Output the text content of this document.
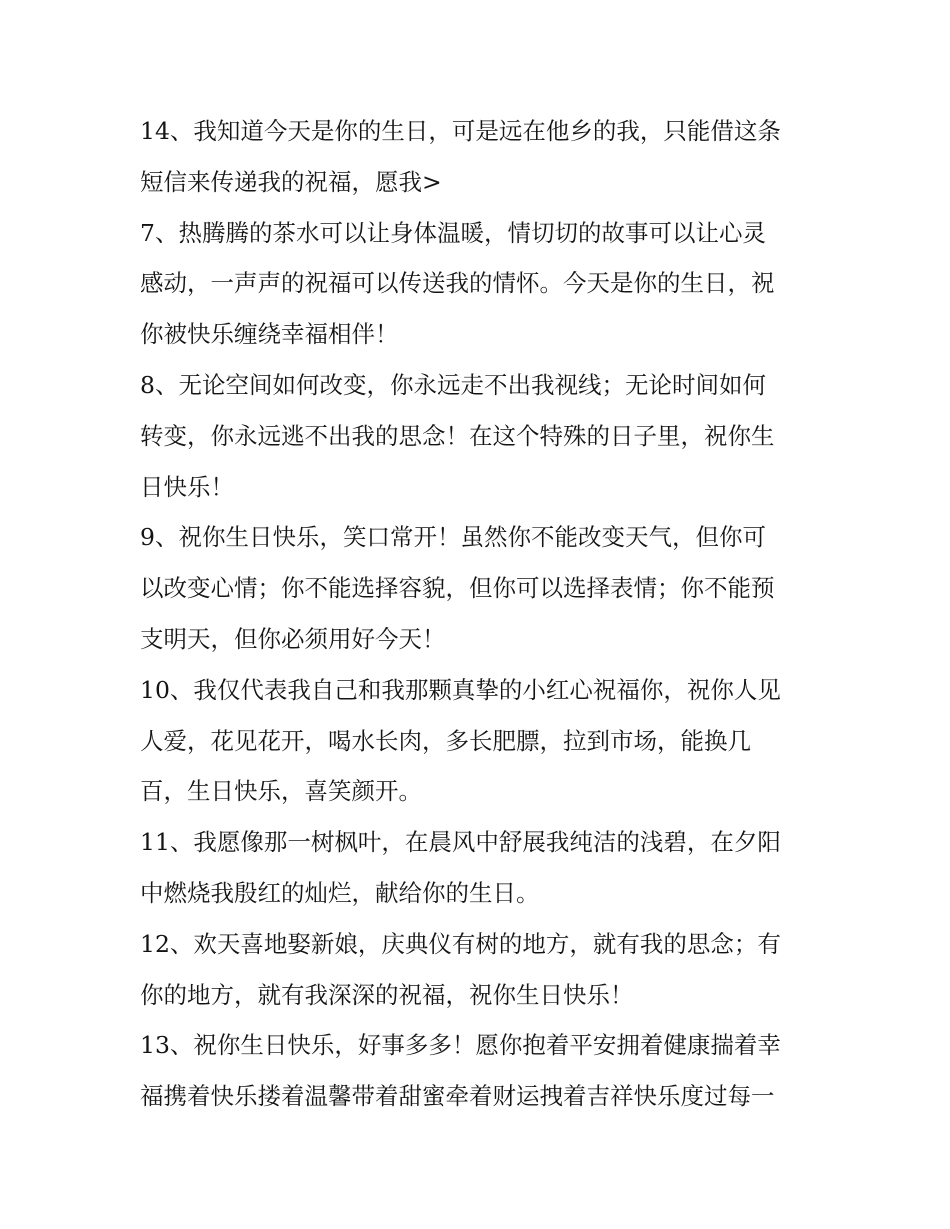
14、我知道今天是你的生日，可是远在他乡的我，只能借这条
短信来传递我的祝福，愿我>
7、热腾腾的茶水可以让身体温暖，情切切的故事可以让心灵
感动，一声声的祝福可以传送我的情怀。今天是你的生日，祝
你被快乐缠绕幸福相伴！
8、无论空间如何改变，你永远走不出我视线；无论时间如何
转变，你永远逃不出我的思念！在这个特殊的日子里，祝你生
日快乐！
9、祝你生日快乐，笑口常开！虽然你不能改变天气，但你可
以改变心情；你不能选择容貌，但你可以选择表情；你不能预
支明天，但你必须用好今天！
10、我仅代表我自己和我那颗真挚的小红心祝福你，祝你人见
人爱，花见花开，喝水长肉，多长肥膘，拉到市场，能换几
百，生日快乐，喜笑颜开。
11、我愿像那一树枫叶，在晨风中舒展我纯洁的浅碧，在夕阳
中燃烧我殷红的灿烂，献给你的生日。
12、欢天喜地娶新娘，庆典仪有树的地方，就有我的思念；有
你的地方，就有我深深的祝福，祝你生日快乐！
13、祝你生日快乐，好事多多！愿你抱着平安拥着健康揣着幸
福携着快乐搂着温馨带着甜蜜牵着财运拽着吉祥快乐度过每一
